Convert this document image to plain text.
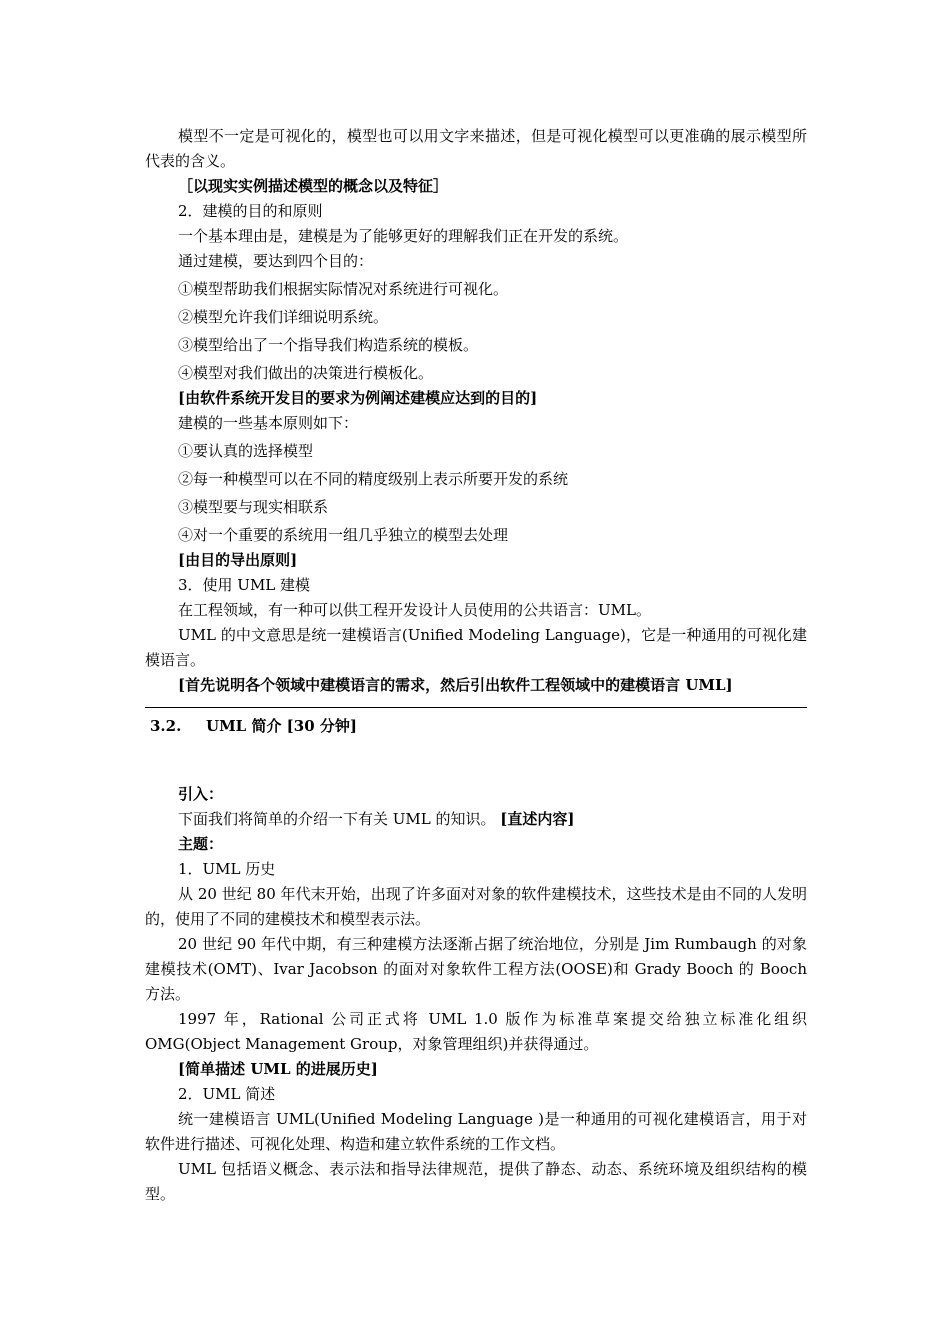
模型不一定是可视化的，模型也可以用文字来描述，但是可视化模型可以更准确的展示模型所代表的含义。

［以现实实例描述模型的概念以及特征］

2．建模的目的和原则

一个基本理由是，建模是为了能够更好的理解我们正在开发的系统。

通过建模，要达到四个目的：

①模型帮助我们根据实际情况对系统进行可视化。

②模型允许我们详细说明系统。

③模型给出了一个指导我们构造系统的模板。

④模型对我们做出的决策进行模板化。

[由软件系统开发目的要求为例阐述建模应达到的目的]

建模的一些基本原则如下：

①要认真的选择模型

②每一种模型可以在不同的精度级别上表示所要开发的系统

③模型要与现实相联系

④对一个重要的系统用一组几乎独立的模型去处理

[由目的导出原则]

3．使用 UML 建模

在工程领域，有一种可以供工程开发设计人员使用的公共语言：UML。

UML 的中文意思是统一建模语言(Unified Modeling Language)，它是一种通用的可视化建模语言。

[首先说明各个领域中建模语言的需求，然后引出软件工程领域中的建模语言 UML]

3.2. UML 简介 [30 分钟]

引入：

下面我们将简单的介绍一下有关 UML 的知识。 [直述内容]

主题：

1．UML 历史

从 20 世纪 80 年代末开始，出现了许多面对对象的软件建模技术，这些技术是由不同的人发明的，使用了不同的建模技术和模型表示法。

20 世纪 90 年代中期，有三种建模方法逐渐占据了统治地位，分别是 Jim Rumbaugh 的对象建模技术(OMT)、Ivar Jacobson 的面对对象软件工程方法(OOSE)和 Grady Booch 的 Booch 方法。

1997 年，Rational 公司正式将 UML 1.0 版作为标准草案提交给独立标准化组织 OMG(Object Management Group，对象管理组织)并获得通过。

[简单描述 UML 的进展历史]

2．UML 简述

统一建模语言 UML(Unified Modeling Language )是一种通用的可视化建模语言，用于对软件进行描述、可视化处理、构造和建立软件系统的工作文档。

UML 包括语义概念、表示法和指导法律规范，提供了静态、动态、系统环境及组织结构的模型。
